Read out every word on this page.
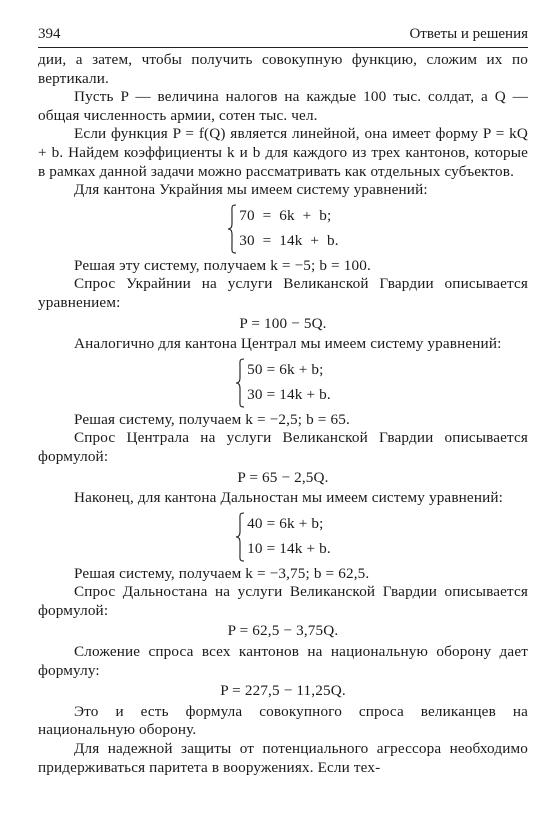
394	Ответы и решения

дии, а затем, чтобы получить совокупную функцию, сложим их по вертикали.

Пусть P — величина налогов на каждые 100 тыс. солдат, а Q — общая численность армии, сотен тыс. чел.

Если функция P = f(Q) является линейной, она имеет форму P = kQ + b. Найдем коэффициенты k и b для каждого из трех кантонов, которые в рамках данной задачи можно рассматривать как отдельных субъектов.

Для кантона Украйния мы имеем систему уравнений:

70  =  6k  +  b;
30  =  14k  +  b.

Решая эту систему, получаем k = −5; b = 100.

Спрос Украйнии на услуги Великанской Гвардии описывается уравнением:

P = 100 − 5Q.

Аналогично для кантона Централ мы имеем систему уравнений:

50 = 6k + b;
30 = 14k + b.

Решая систему, получаем k = −2,5; b = 65.

Спрос Централа на услуги Великанской Гвардии описывается формулой:

P = 65 − 2,5Q.

Наконец, для кантона Дальностан мы имеем систему уравнений:

40 = 6k + b;
10 = 14k + b.

Решая систему, получаем k = −3,75; b = 62,5.

Спрос Дальностана на услуги Великанской Гвардии описывается формулой:

P = 62,5 − 3,75Q.

Сложение спроса всех кантонов на национальную оборону дает формулу:

P = 227,5 − 11,25Q.

Это и есть формула совокупного спроса великанцев на национальную оборону.

Для надежной защиты от потенциального агрессора необходимо придерживаться паритета в вооружениях. Если тех-
